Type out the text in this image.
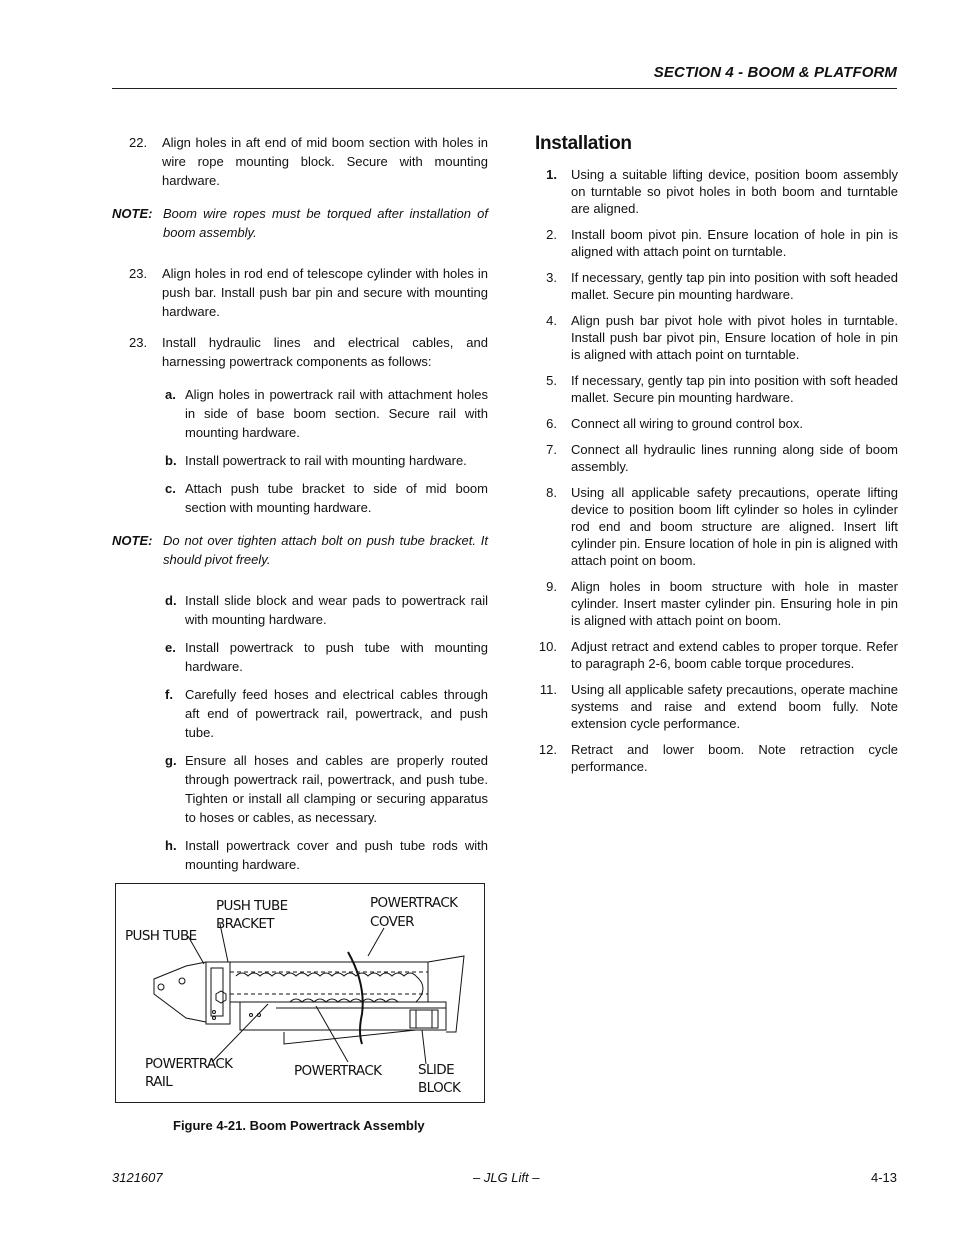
SECTION 4 - BOOM & PLATFORM
22.	Align holes in aft end of mid boom section with holes in wire rope mounting block. Secure with mounting hardware.
NOTE: Boom wire ropes must be torqued after installation of boom assembly.
23.	Align holes in rod end of telescope cylinder with holes in push bar. Install push bar pin and secure with mounting hardware.
23.	Install hydraulic lines and electrical cables, and harnessing powertrack components as follows:
a. Align holes in powertrack rail with attachment holes in side of base boom section. Secure rail with mounting hardware.
b. Install powertrack to rail with mounting hardware.
c. Attach push tube bracket to side of mid boom section with mounting hardware.
NOTE: Do not over tighten attach bolt on push tube bracket. It should pivot freely.
d. Install slide block and wear pads to powertrack rail with mounting hardware.
e. Install powertrack to push tube with mounting hardware.
f. Carefully feed hoses and electrical cables through aft end of powertrack rail, powertrack, and push tube.
g. Ensure all hoses and cables are properly routed through powertrack rail, powertrack, and push tube. Tighten or install all clamping or securing apparatus to hoses or cables, as necessary.
h. Install powertrack cover and push tube rods with mounting hardware.
PUSH TUBE
PUSH TUBE
BRACKET
POWERTRACK
COVER
POWERTRACK
RAIL
POWERTRACK	SLIDE
BLOCK
Figure 4-21. Boom Powertrack Assembly
Installation
1. Using a suitable lifting device, position boom assembly on turntable so pivot holes in both boom and turntable are aligned.
2. Install boom pivot pin. Ensure location of hole in pin is aligned with attach point on turntable.
3. If necessary, gently tap pin into position with soft headed mallet. Secure pin mounting hardware.
4. Align push bar pivot hole with pivot holes in turntable. Install push bar pivot pin, Ensure location of hole in pin is aligned with attach point on turntable.
5. If necessary, gently tap pin into position with soft headed mallet. Secure pin mounting hardware.
6. Connect all wiring to ground control box.
7. Connect all hydraulic lines running along side of boom assembly.
8. Using all applicable safety precautions, operate lifting device to position boom lift cylinder so holes in cylinder rod end and boom structure are aligned. Insert lift cylinder pin. Ensure location of hole in pin is aligned with attach point on boom.
9. Align holes in boom structure with hole in master cylinder. Insert master cylinder pin. Ensuring hole in pin is aligned with attach point on boom.
10. Adjust retract and extend cables to proper torque. Refer to paragraph 2-6, boom cable torque procedures.
11. Using all applicable safety precautions, operate machine systems and raise and extend boom fully. Note extension cycle performance.
12. Retract and lower boom. Note retraction cycle performance.
3121607	– JLG Lift –	4-13
